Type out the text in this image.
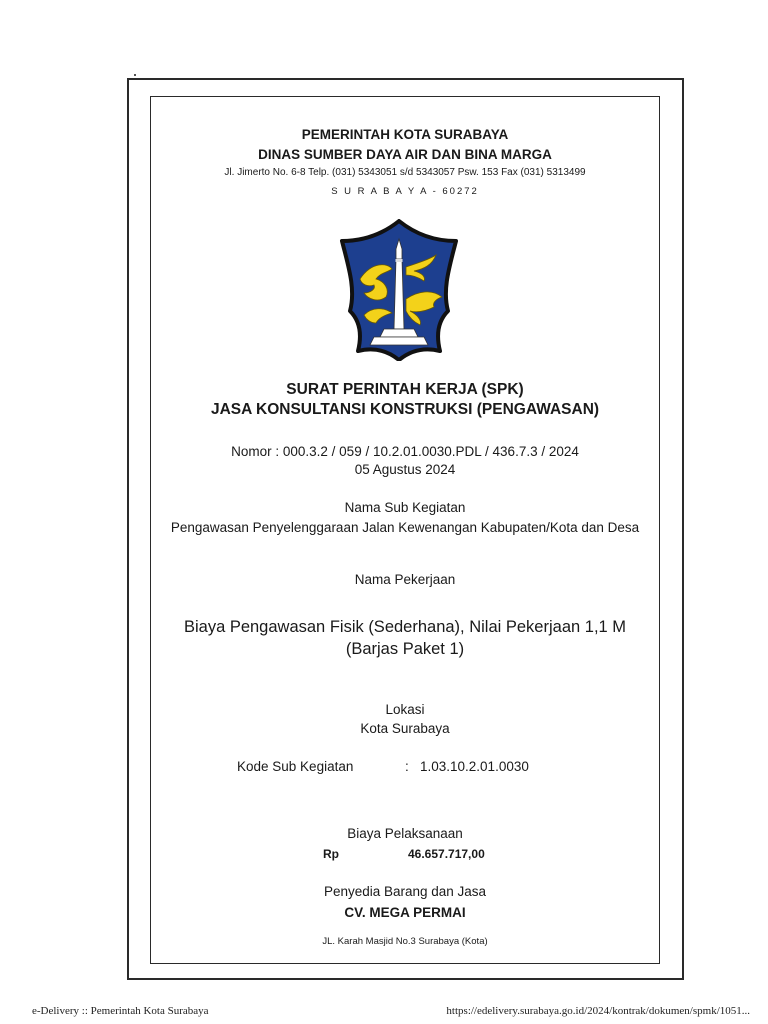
PEMERINTAH KOTA SURABAYA
DINAS SUMBER DAYA AIR DAN BINA MARGA
Jl. Jimerto No. 6-8 Telp. (031) 5343051 s/d 5343057 Psw. 153 Fax (031) 5313499
S U R A B A Y A - 60272
SURAT PERINTAH KERJA (SPK)
JASA KONSULTANSI KONSTRUKSI (PENGAWASAN)
Nomor : 000.3.2 / 059 / 10.2.01.0030.PDL / 436.7.3 / 2024
05 Agustus 2024
Nama Sub Kegiatan
Pengawasan Penyelenggaraan Jalan Kewenangan Kabupaten/Kota dan Desa
Nama Pekerjaan
Biaya Pengawasan Fisik (Sederhana), Nilai Pekerjaan 1,1 M (Barjas Paket 1)
Lokasi
Kota Surabaya
Kode Sub Kegiatan	: 1.03.10.2.01.0030
Biaya Pelaksanaan
Rp	46.657.717,00
Penyedia Barang dan Jasa
CV. MEGA PERMAI
JL. Karah Masjid No.3 Surabaya (Kota)
e-Delivery :: Pemerintah Kota Surabaya	https://edelivery.surabaya.go.id/2024/kontrak/dokumen/spmk/1051...
